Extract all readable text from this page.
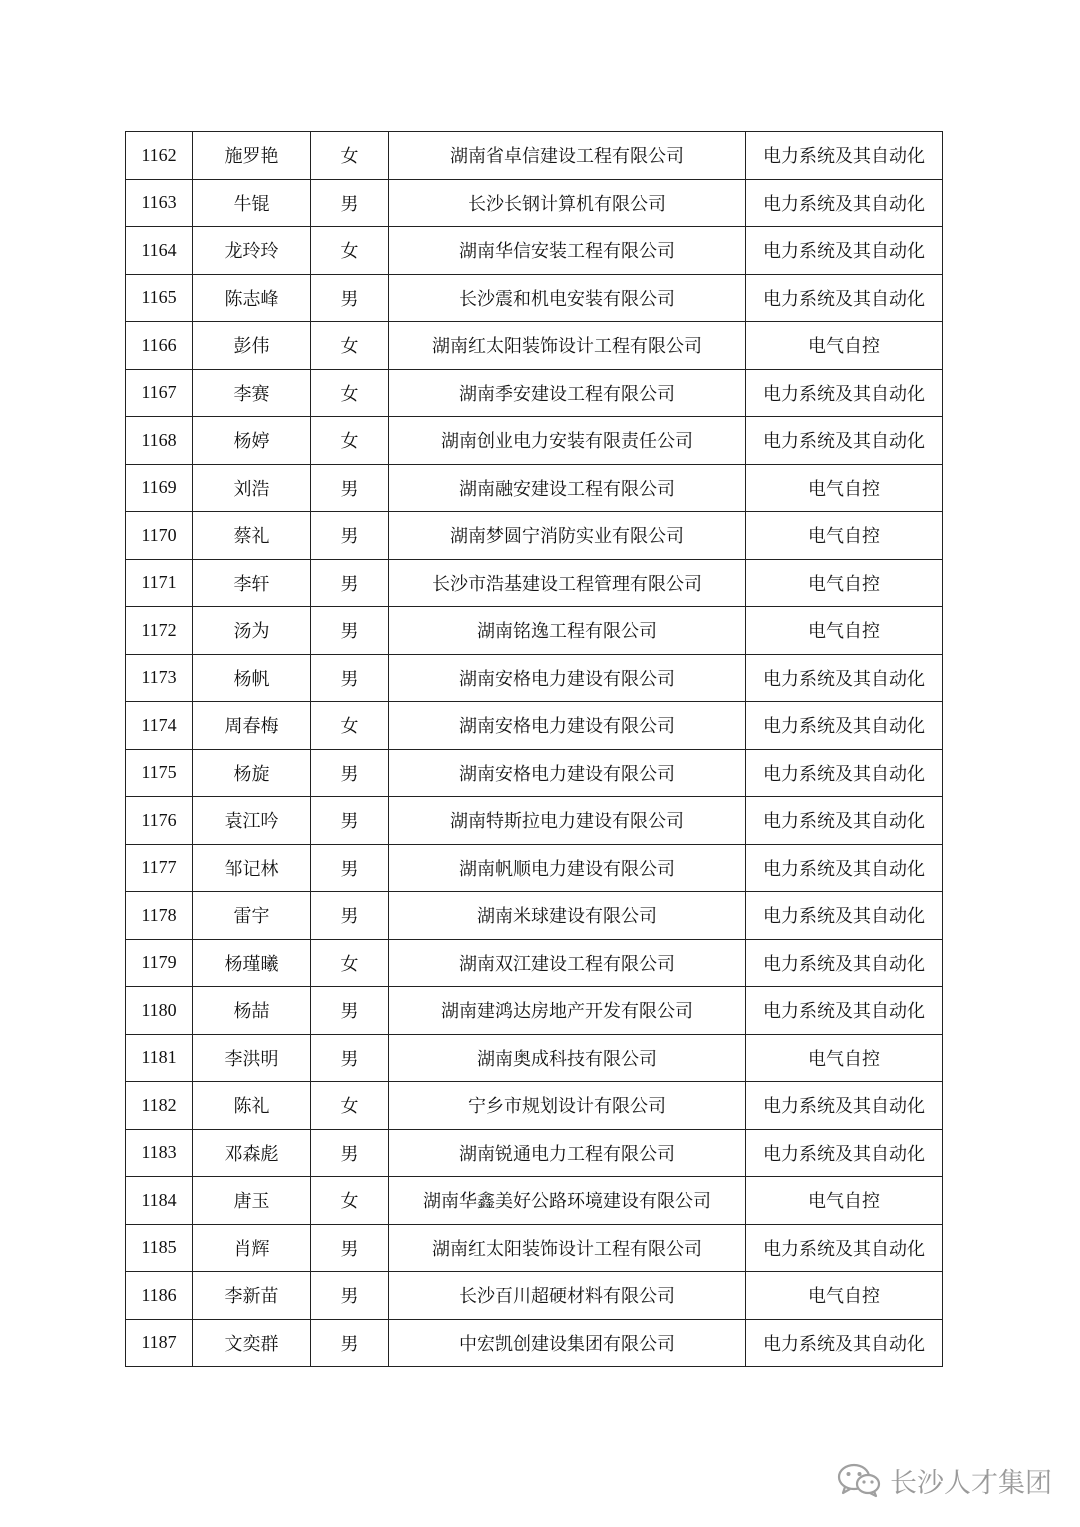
1162	施罗艳	女	湖南省卓信建设工程有限公司	电力系统及其自动化
1163	牛锟	男	长沙长钢计算机有限公司	电力系统及其自动化
1164	龙玲玲	女	湖南华信安装工程有限公司	电力系统及其自动化
1165	陈志峰	男	长沙震和机电安装有限公司	电力系统及其自动化
1166	彭伟	女	湖南红太阳装饰设计工程有限公司	电气自控
1167	李赛	女	湖南季安建设工程有限公司	电力系统及其自动化
1168	杨婷	女	湖南创业电力安装有限责任公司	电力系统及其自动化
1169	刘浩	男	湖南融安建设工程有限公司	电气自控
1170	蔡礼	男	湖南梦圆宁消防实业有限公司	电气自控
1171	李轩	男	长沙市浩基建设工程管理有限公司	电气自控
1172	汤为	男	湖南铭逸工程有限公司	电气自控
1173	杨帆	男	湖南安格电力建设有限公司	电力系统及其自动化
1174	周春梅	女	湖南安格电力建设有限公司	电力系统及其自动化
1175	杨旋	男	湖南安格电力建设有限公司	电力系统及其自动化
1176	袁江吟	男	湖南特斯拉电力建设有限公司	电力系统及其自动化
1177	邹记林	男	湖南帆顺电力建设有限公司	电力系统及其自动化
1178	雷宇	男	湖南米球建设有限公司	电力系统及其自动化
1179	杨瑾曦	女	湖南双江建设工程有限公司	电力系统及其自动化
1180	杨喆	男	湖南建鸿达房地产开发有限公司	电力系统及其自动化
1181	李洪明	男	湖南奥成科技有限公司	电气自控
1182	陈礼	女	宁乡市规划设计有限公司	电力系统及其自动化
1183	邓森彪	男	湖南锐通电力工程有限公司	电力系统及其自动化
1184	唐玉	女	湖南华鑫美好公路环境建设有限公司	电气自控
1185	肖辉	男	湖南红太阳装饰设计工程有限公司	电力系统及其自动化
1186	李新苗	男	长沙百川超硬材料有限公司	电气自控
1187	文奕群	男	中宏凯创建设集团有限公司	电力系统及其自动化
长沙人才集团
